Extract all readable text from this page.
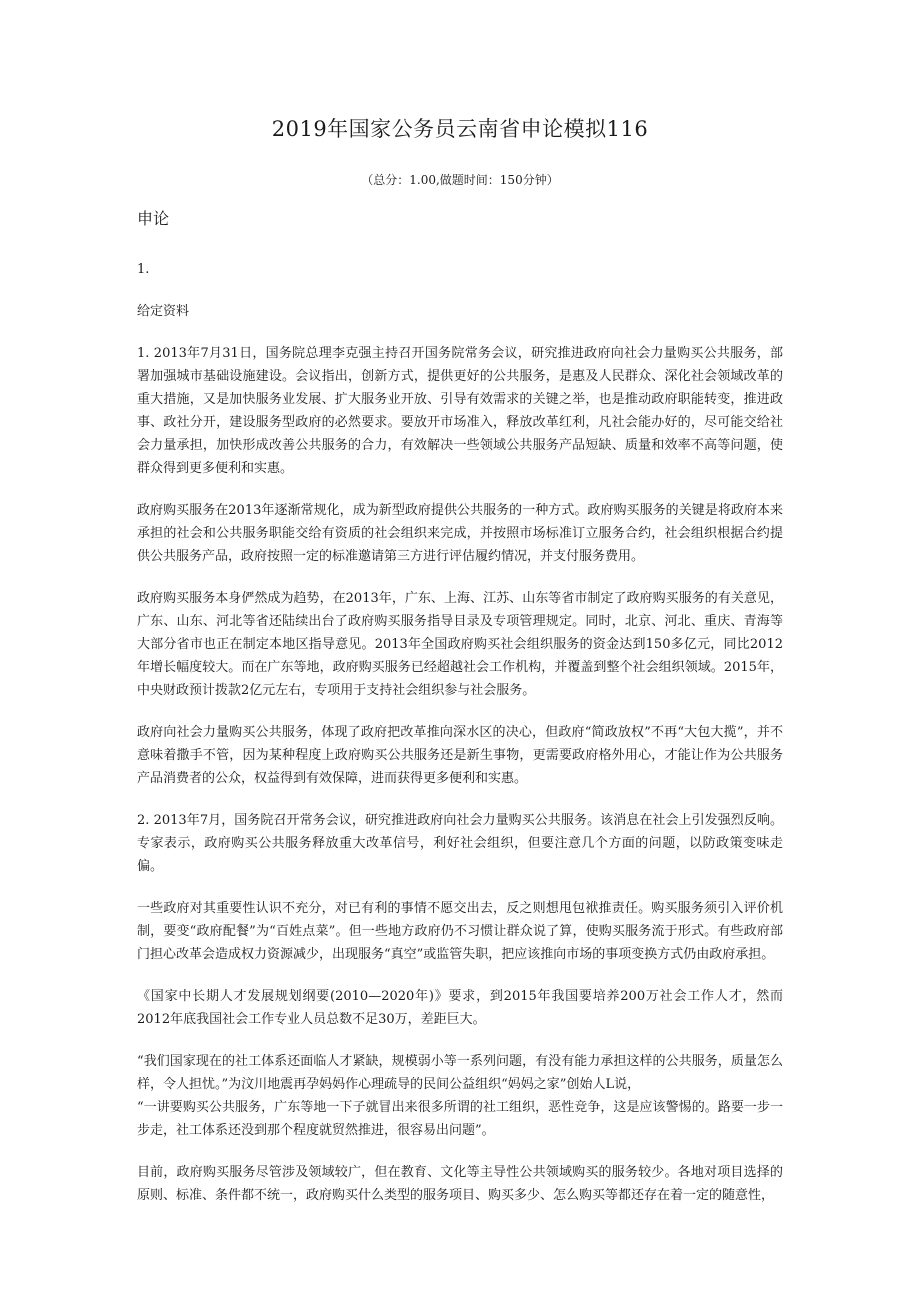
2019年国家公务员云南省申论模拟116
（总分：1.00,做题时间：150分钟）
申论

1.

给定资料

1. 2013年7月31日，国务院总理李克强主持召开国务院常务会议，研究推进政府向社会力量购买公共服务，部署加强城市基础设施建设。会议指出，创新方式，提供更好的公共服务，是惠及人民群众、深化社会领域改革的重大措施，又是加快服务业发展、扩大服务业开放、引导有效需求的关键之举，也是推动政府职能转变，推进政事、政社分开，建设服务型政府的必然要求。要放开市场准入，释放改革红利，凡社会能办好的，尽可能交给社会力量承担，加快形成改善公共服务的合力，有效解决一些领域公共服务产品短缺、质量和效率不高等问题，使群众得到更多便利和实惠。

政府购买服务在2013年逐渐常规化，成为新型政府提供公共服务的一种方式。政府购买服务的关键是将政府本来承担的社会和公共服务职能交给有资质的社会组织来完成，并按照市场标准订立服务合约，社会组织根据合约提供公共服务产品，政府按照一定的标准邀请第三方进行评估履约情况，并支付服务费用。

政府购买服务本身俨然成为趋势，在2013年，广东、上海、江苏、山东等省市制定了政府购买服务的有关意见，广东、山东、河北等省还陆续出台了政府购买服务指导目录及专项管理规定。同时，北京、河北、重庆、青海等大部分省市也正在制定本地区指导意见。2013年全国政府购买社会组织服务的资金达到150多亿元，同比2012年增长幅度较大。而在广东等地，政府购买服务已经超越社会工作机构，并覆盖到整个社会组织领域。2015年，中央财政预计拨款2亿元左右，专项用于支持社会组织参与社会服务。

政府向社会力量购买公共服务，体现了政府把改革推向深水区的决心，但政府“简政放权”不再“大包大揽”，并不意味着撒手不管，因为某种程度上政府购买公共服务还是新生事物，更需要政府格外用心，才能让作为公共服务产品消费者的公众，权益得到有效保障，进而获得更多便利和实惠。

2. 2013年7月，国务院召开常务会议，研究推进政府向社会力量购买公共服务。该消息在社会上引发强烈反响。专家表示，政府购买公共服务释放重大改革信号，利好社会组织，但要注意几个方面的问题，以防政策变味走偏。

一些政府对其重要性认识不充分，对已有利的事情不愿交出去，反之则想甩包袱推责任。购买服务须引入评价机制，要变“政府配餐”为“百姓点菜”。但一些地方政府仍不习惯让群众说了算，使购买服务流于形式。有些政府部门担心改革会造成权力资源减少，出现服务“真空”或监管失职，把应该推向市场的事项变换方式仍由政府承担。

《国家中长期人才发展规划纲要(2010—2020年)》要求，到2015年我国要培养200万社会工作人才，然而2012年底我国社会工作专业人员总数不足30万，差距巨大。

“我们国家现在的社工体系还面临人才紧缺，规模弱小等一系列问题，有没有能力承担这样的公共服务，质量怎么样，令人担忧。”为汶川地震再孕妈妈作心理疏导的民间公益组织“妈妈之家”创始人L说，

“一讲要购买公共服务，广东等地一下子就冒出来很多所谓的社工组织，恶性竞争，这是应该警惕的。路要一步一步走，社工体系还没到那个程度就贸然推进，很容易出问题”。

目前，政府购买服务尽管涉及领域较广，但在教育、文化等主导性公共领域购买的服务较少。各地对项目选择的原则、标准、条件都不统一，政府购买什么类型的服务项目、购买多少、怎么购买等都还存在着一定的随意性，
